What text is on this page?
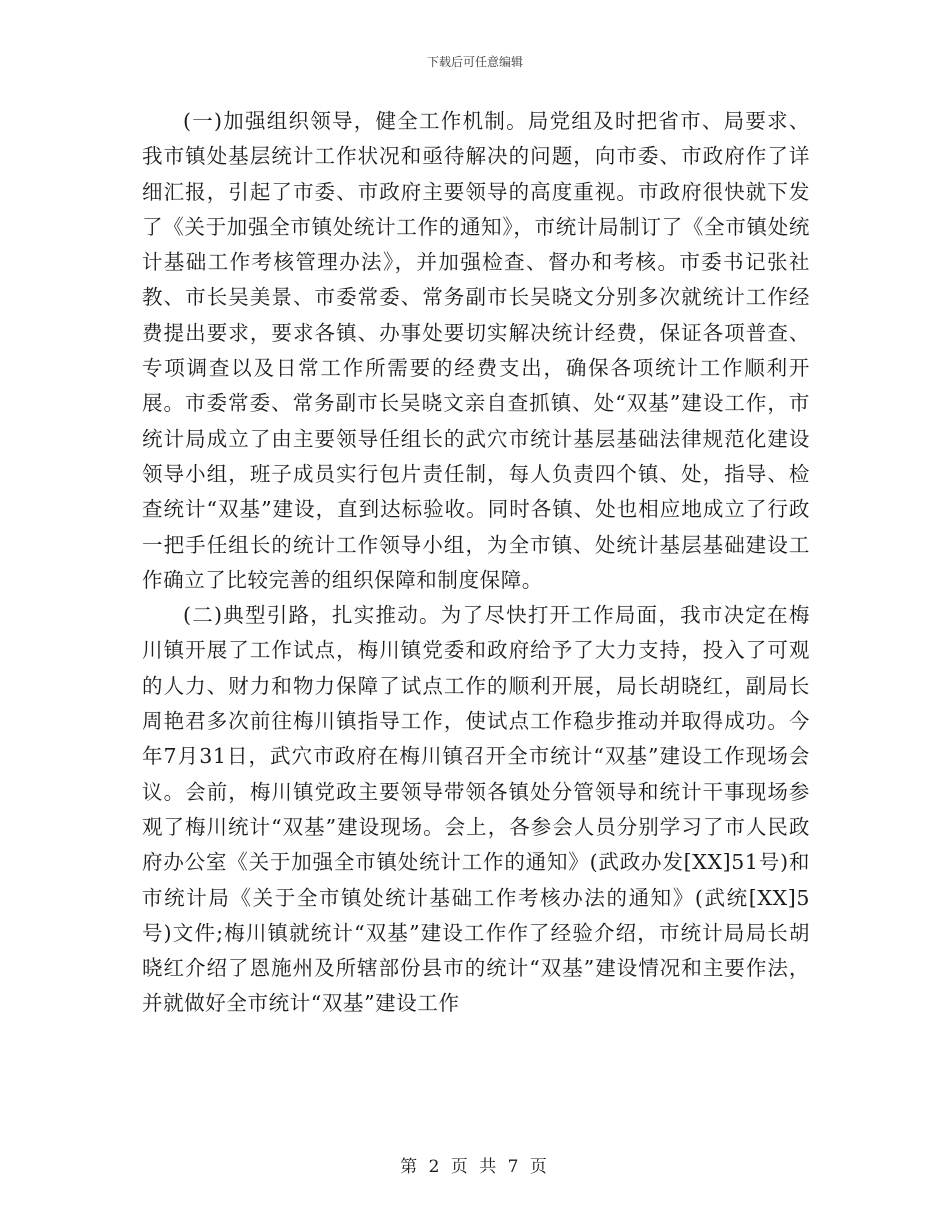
下载后可任意编辑

(一)加强组织领导，健全工作机制。局党组及时把省市、局要求、我市镇处基层统计工作状况和亟待解决的问题，向市委、市政府作了详细汇报，引起了市委、市政府主要领导的高度重视。市政府很快就下发了《关于加强全市镇处统计工作的通知》，市统计局制订了《全市镇处统计基础工作考核管理办法》，并加强检查、督办和考核。市委书记张社教、市长吴美景、市委常委、常务副市长吴晓文分别多次就统计工作经费提出要求，要求各镇、办事处要切实解决统计经费，保证各项普查、专项调查以及日常工作所需要的经费支出，确保各项统计工作顺利开展。市委常委、常务副市长吴晓文亲自查抓镇、处“双基”建设工作，市统计局成立了由主要领导任组长的武穴市统计基层基础法律规范化建设领导小组，班子成员实行包片责任制，每人负责四个镇、处，指导、检查统计“双基”建设，直到达标验收。同时各镇、处也相应地成立了行政一把手任组长的统计工作领导小组，为全市镇、处统计基层基础建设工作确立了比较完善的组织保障和制度保障。

(二)典型引路，扎实推动。为了尽快打开工作局面，我市决定在梅川镇开展了工作试点，梅川镇党委和政府给予了大力支持，投入了可观的人力、财力和物力保障了试点工作的顺利开展，局长胡晓红，副局长周艳君多次前往梅川镇指导工作，使试点工作稳步推动并取得成功。今年7月31日，武穴市政府在梅川镇召开全市统计“双基”建设工作现场会议。会前，梅川镇党政主要领导带领各镇处分管领导和统计干事现场参观了梅川统计“双基”建设现场。会上，各参会人员分别学习了市人民政府办公室《关于加强全市镇处统计工作的通知》(武政办发[XX]51号)和市统计局《关于全市镇处统计基础工作考核办法的通知》(武统[XX]5号)文件;梅川镇就统计“双基”建设工作作了经验介绍，市统计局局长胡晓红介绍了恩施州及所辖部份县市的统计“双基”建设情况和主要作法，并就做好全市统计“双基”建设工作

第 2 页 共 7 页
